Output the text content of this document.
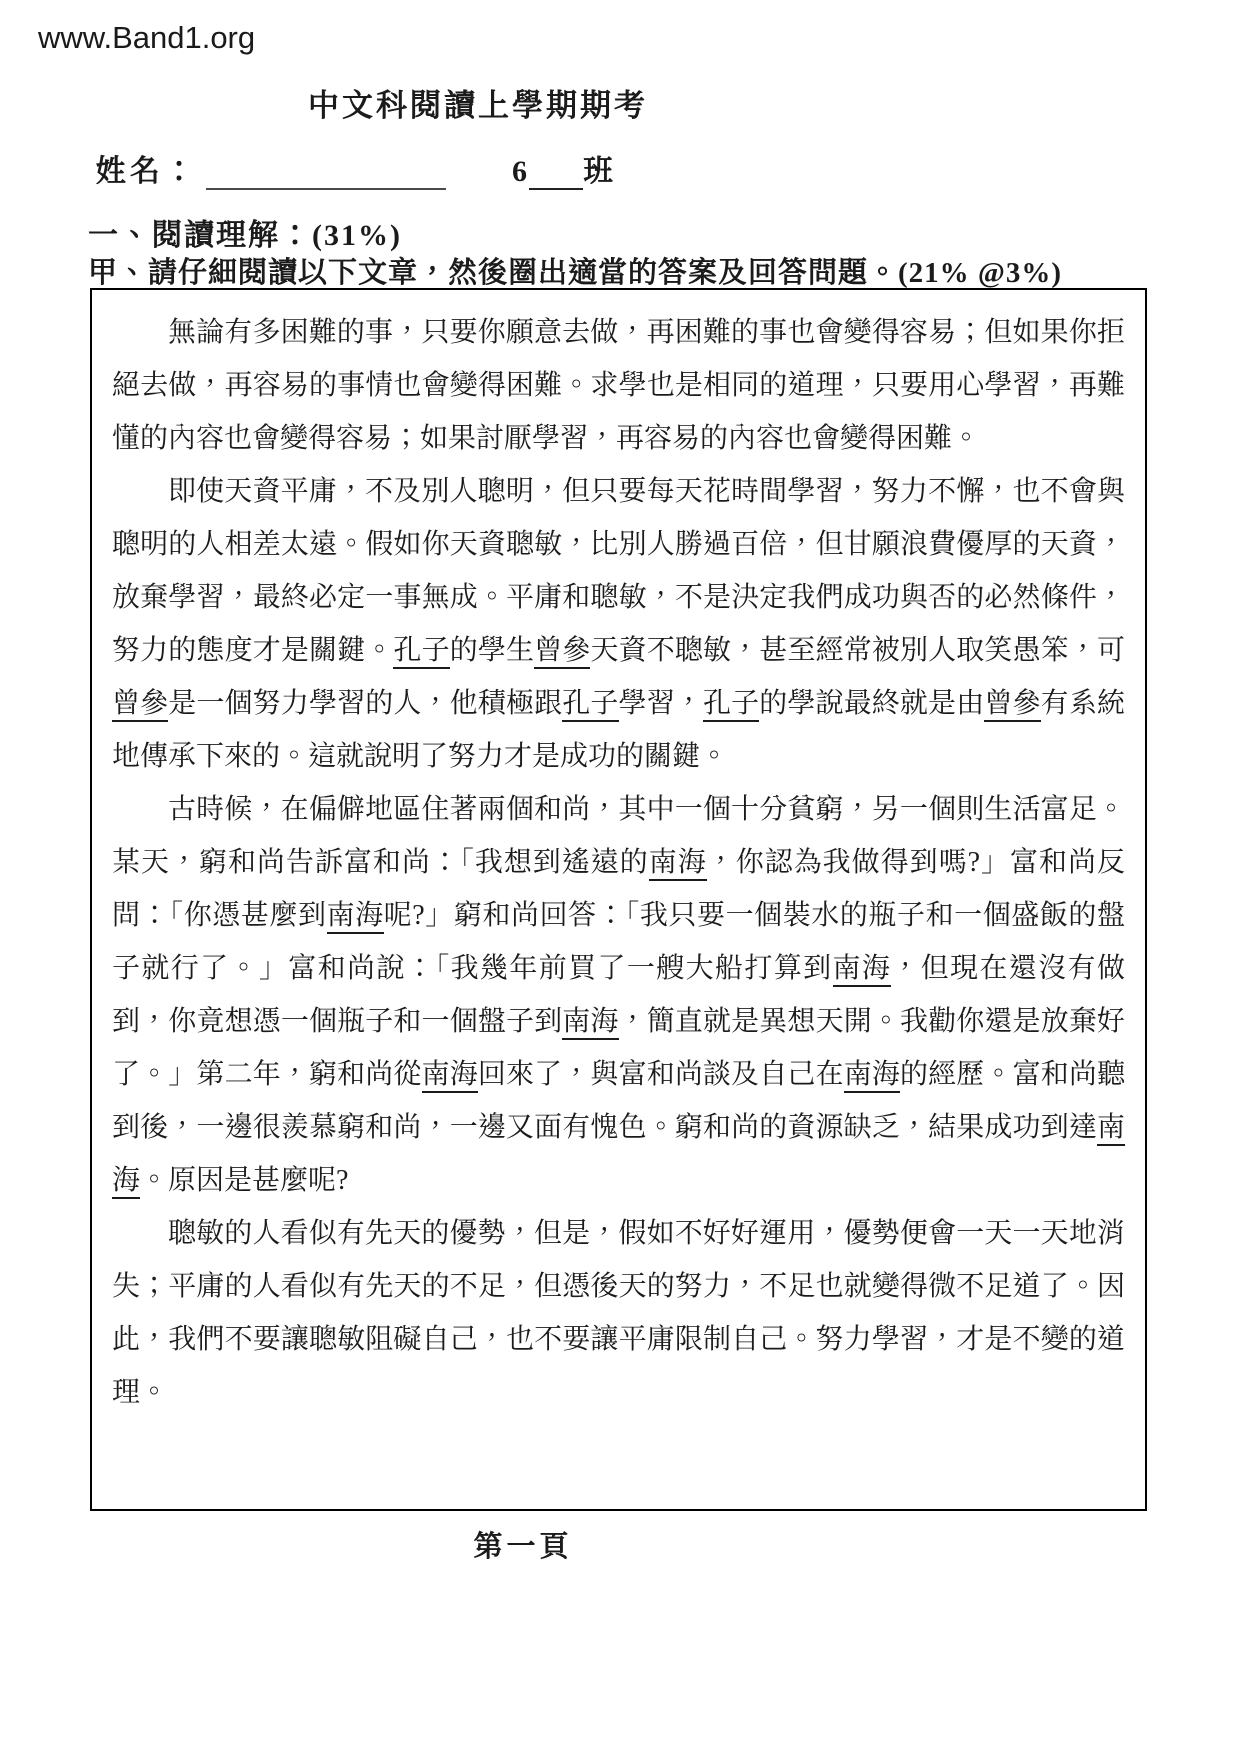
www.Band1.org
中文科閱讀上學期期考
姓名：	6 班
一、閱讀理解：(31%)
甲、請仔細閱讀以下文章，然後圈出適當的答案及回答問題。(21% @3%)

無論有多困難的事，只要你願意去做，再困難的事也會變得容易；但如果你拒絕去做，再容易的事情也會變得困難。求學也是相同的道理，只要用心學習，再難懂的內容也會變得容易；如果討厭學習，再容易的內容也會變得困難。

即使天資平庸，不及別人聰明，但只要每天花時間學習，努力不懈，也不會與聰明的人相差太遠。假如你天資聰敏，比別人勝過百倍，但甘願浪費優厚的天資，放棄學習，最終必定一事無成。平庸和聰敏，不是決定我們成功與否的必然條件，努力的態度才是關鍵。孔子的學生曾參天資不聰敏，甚至經常被別人取笑愚笨，可曾參是一個努力學習的人，他積極跟孔子學習，孔子的學說最終就是由曾參有系統地傳承下來的。這就說明了努力才是成功的關鍵。

古時候，在偏僻地區住著兩個和尚，其中一個十分貧窮，另一個則生活富足。某天，窮和尚告訴富和尚：「我想到遙遠的南海，你認為我做得到嗎?」富和尚反問：「你憑甚麼到南海呢?」窮和尚回答：「我只要一個裝水的瓶子和一個盛飯的盤子就行了。」富和尚說：「我幾年前買了一艘大船打算到南海，但現在還沒有做到，你竟想憑一個瓶子和一個盤子到南海，簡直就是異想天開。我勸你還是放棄好了。」第二年，窮和尚從南海回來了，與富和尚談及自己在南海的經歷。富和尚聽到後，一邊很羨慕窮和尚，一邊又面有愧色。窮和尚的資源缺乏，結果成功到達南海。原因是甚麼呢?

聰敏的人看似有先天的優勢，但是，假如不好好運用，優勢便會一天一天地消失；平庸的人看似有先天的不足，但憑後天的努力，不足也就變得微不足道了。因此，我們不要讓聰敏阻礙自己，也不要讓平庸限制自己。努力學習，才是不變的道理。

第一頁
